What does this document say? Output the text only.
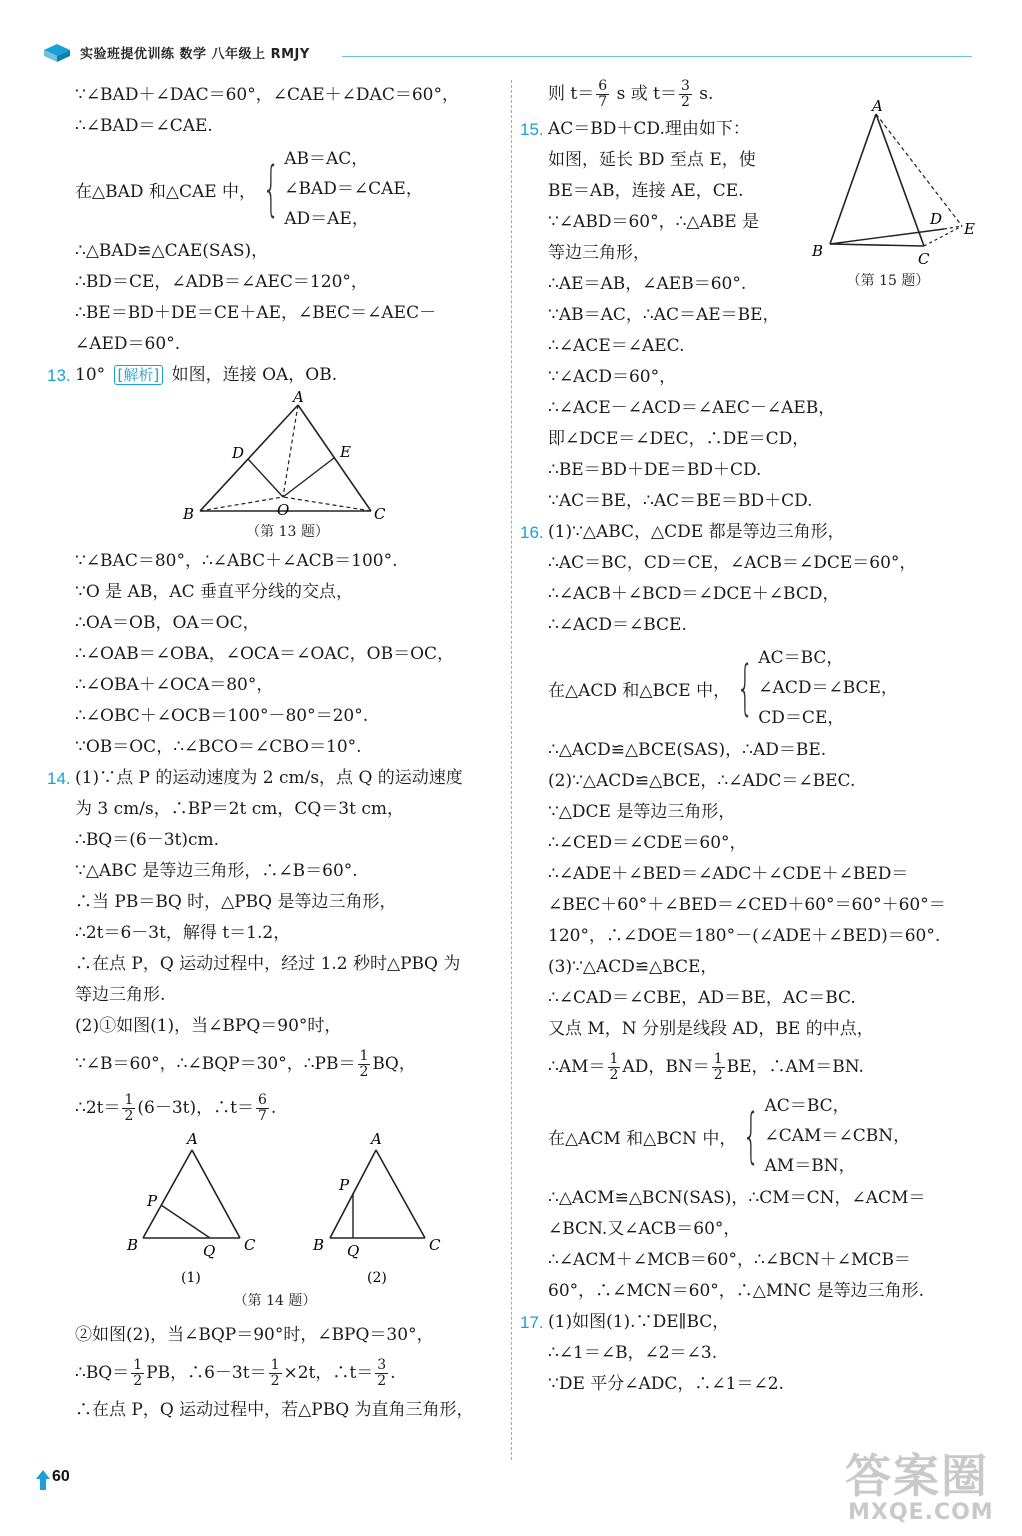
实验班提优训练 数学 八年级上 RMJY
∵∠BAD＋∠DAC＝60°，∠CAE＋∠DAC＝60°，
∴∠BAD＝∠CAE.
在△BAD 和△CAE 中， { AB＝AC，
∠BAD＝∠CAE，
AD＝AE，
∴△BAD≌△CAE(SAS)，
∴BD＝CE，∠ADB＝∠AEC＝120°，
∴BE＝BD＋DE＝CE＋AE，∠BEC＝∠AEC－
∠AED＝60°.
13. 10° [解析] 如图，连接 OA，OB.
A
B	C
D	E
O
（第 13 题）
∵∠BAC＝80°，∴∠ABC＋∠ACB＝100°.
∵O 是 AB，AC 垂直平分线的交点，
∴OA＝OB，OA＝OC，
∴∠OAB＝∠OBA，∠OCA＝∠OAC，OB＝OC，
∴∠OBA＋∠OCA＝80°，
∴∠OBC＋∠OCB＝100°－80°＝20°.
∵OB＝OC，∴∠BCO＝∠CBO＝10°.
14. (1)∵点 P 的运动速度为 2 cm/s，点 Q 的运动速度
为 3 cm/s，∴BP＝2t cm，CQ＝3t cm，
∴BQ＝(6－3t)cm.
∵△ABC 是等边三角形，∴∠B＝60°.
∴当 PB＝BQ 时，△PBQ 是等边三角形，
∴2t＝6－3t，解得 t＝1.2，
∴在点 P，Q 运动过程中，经过 1.2 秒时△PBQ 为
等边三角形.
(2)①如图(1)，当∠BPQ＝90°时，
∵∠B＝60°，∴∠BQP＝30°，∴PB＝ $\frac{1}{2}$ BQ，
∴2t＝ $\frac{1}{2} (6-3t)$，∴t＝ $\frac{6}{7}$ .
A
B	C
P
Q
A
B	C
P
Q
(1)	(2)
（第 14 题）
②如图(2)，当∠BQP＝90°时，∠BPQ＝30°，
∴BQ＝ $\frac{1}{2}$ PB，∴6－3t＝ $\frac{1}{2} \times 2t$，∴t＝ $\frac{3}{2}$ .
∴在点 P，Q 运动过程中，若△PBQ 为直角三角形，
则 $t= \frac{6}{7}$ s 或 $t= \frac{3}{2} s$.
15. AC＝BD＋CD.理由如下：
如图，延长 BD 至点 E，使
BE＝AB，连接 AE，CE.
∵∠ABD＝60°，∴△ABE 是
等边三角形，
∴AE＝AB，∠AEB＝60°.
A
B	C
D
E
（第 15 题）
∵AB＝AC，∴AC＝AE＝BE，
∴∠ACE＝∠AEC.
∵∠ACD＝60°，
∴∠ACE－∠ACD＝∠AEC－∠AEB，
即∠DCE＝∠DEC，∴DE＝CD，
∴BE＝BD＋DE＝BD＋CD.
∵AC＝BE，∴AC＝BE＝BD＋CD.
16. (1)∵△ABC，△CDE 都是等边三角形，
∴AC＝BC，CD＝CE，∠ACB＝∠DCE＝60°，
∴∠ACB＋∠BCD＝∠DCE＋∠BCD，
∴∠ACD＝∠BCE.
在△ACD 和△BCE 中， { AC＝BC，
∠ACD＝∠BCE，
CD＝CE，
∴△ACD≌△BCE(SAS)，∴AD＝BE.
(2)∵△ACD≌△BCE，∴∠ADC＝∠BEC.
∵△DCE 是等边三角形，
∴∠CED＝∠CDE＝60°，
∴∠ADE＋∠BED＝∠ADC＋∠CDE＋∠BED＝
∠BEC＋60°＋∠BED＝∠CED＋60°＝60°＋60°＝
120°，∴∠DOE＝180°－(∠ADE＋∠BED)＝60°.
(3)∵△ACD≌△BCE，
∴∠CAD＝∠CBE，AD＝BE，AC＝BC.
又点 M，N 分别是线段 AD，BE 的中点，
∴AM＝ $\frac{1}{2}$ AD，$BN= \frac{1}{2}$ BE，∴AM＝BN.
在△ACM 和△BCN 中， { AC＝BC，
∠CAM＝∠CBN，
AM＝BN，
∴△ACM≌△BCN(SAS)，∴CM＝CN，∠ACM＝
∠BCN.又∠ACB＝60°，
∴∠ACM＋∠MCB＝60°，∴∠BCN＋∠MCB＝
60°，∴∠MCN＝60°，∴△MNC 是等边三角形.
17. (1)如图(1).∵DE∥BC，
∴∠1＝∠B，∠2＝∠3.
∵DE 平分∠ADC，∴∠1＝∠2.
60	答案圈
MXQE.COM
